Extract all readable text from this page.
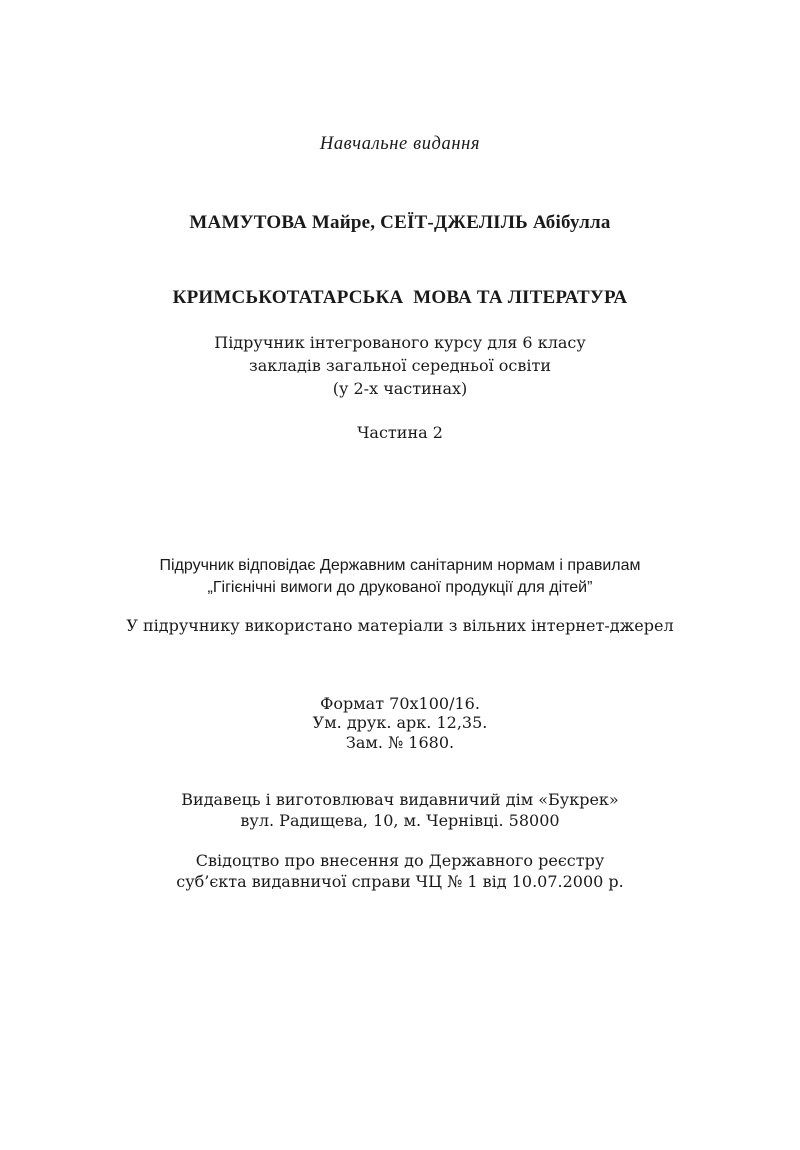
Навчальне видання
МАМУТОВА Майре, СЕЇТ-ДЖЕЛІЛЬ Абібулла
КРИМСЬКОТАТАРСЬКА  МОВА ТА ЛІТЕРАТУРА
Підручник інтегрованого курсу для 6 класу
закладів загальної середньої освіти
(у 2-х частинах)
Частина 2
Підручник відповідає Державним санітарним нормам і правилам
„Гігієнічні вимоги до друкованої продукції для дітей”
У підручнику використано матеріали з вільних інтернет-джерел
Формат 70х100/16.
Ум. друк. арк. 12,35.
Зам. № 1680.
Видавець і виготовлювач видавничий дім «Букрек»
вул. Радищева, 10, м. Чернівці. 58000
Свідоцтво про внесення до Державного реєстру
суб’єкта видавничої справи ЧЦ № 1 від 10.07.2000 р.
